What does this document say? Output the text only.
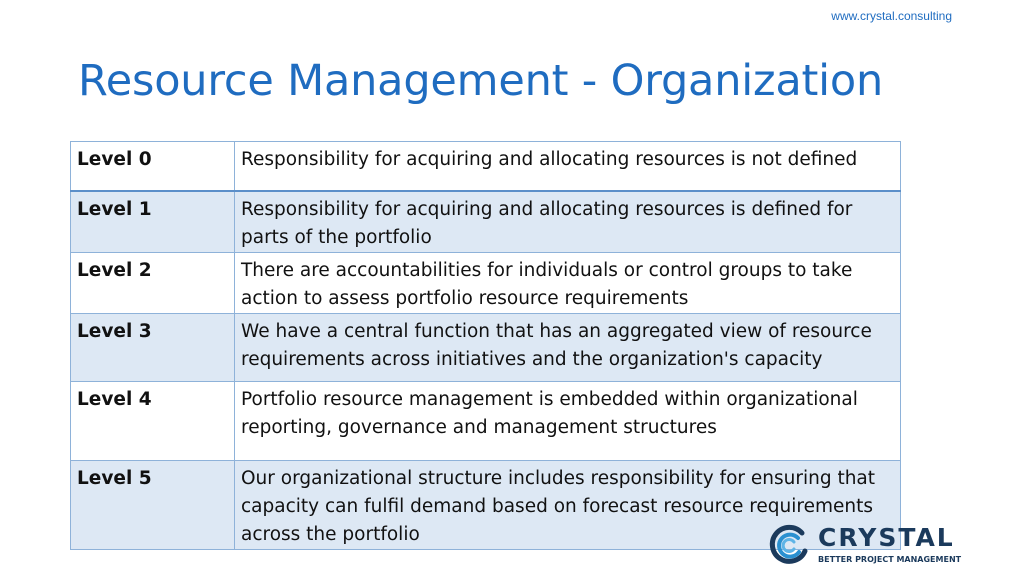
www.crystal.consulting
Resource Management - Organization
Level 0	Responsibility for acquiring and allocating resources is not defined
Level 1	Responsibility for acquiring and allocating resources is defined for parts of the portfolio
Level 2	There are accountabilities for individuals or control groups to take action to assess portfolio resource requirements
Level 3	We have a central function that has an aggregated view of resource requirements across initiatives and the organization's capacity
Level 4	Portfolio resource management is embedded within organizational reporting, governance and management structures
Level 5	Our organizational structure includes responsibility for ensuring that capacity can fulfil demand based on forecast resource requirements across the portfolio	CRYSTAL
BETTER PROJECT MANAGEMENT
